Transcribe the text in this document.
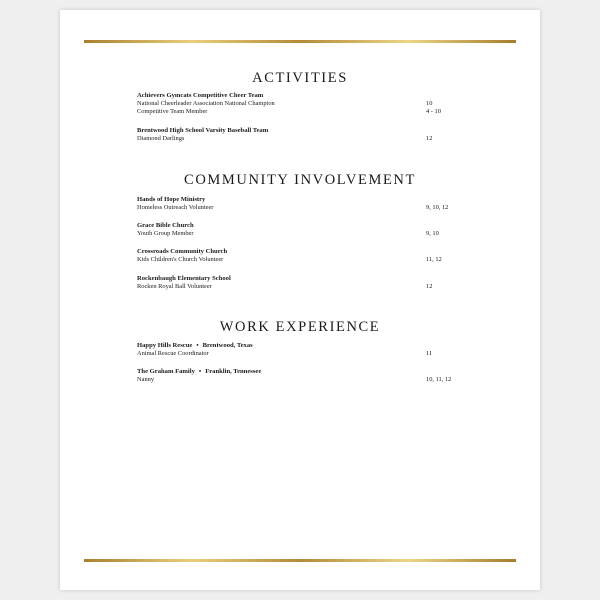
ACTIVITIES
Achievers Gymcats Competitive Cheer Team
National Cheerleader Association National Champion	10
Competitive Team Member	4 - 10
Brentwood High School Varsity Baseball Team
Diamond Darlings	12
COMMUNITY INVOLVEMENT
Hands of Hope Ministry
Homeless Outreach Volunteer	9, 10, 12
Grace Bible Church
Youth Group Member	9, 10
Crossroads Community Church
Kids Children's Church Volunteer	11, 12
Rockenbaugh Elementary School
Rocken Royal Ball Volunteer	12
WORK EXPERIENCE
Happy Hills Rescue • Brentwood, Texas
Animal Rescue Coordinator	11
The Graham Family • Franklin, Tennessee
Nanny	10, 11, 12
